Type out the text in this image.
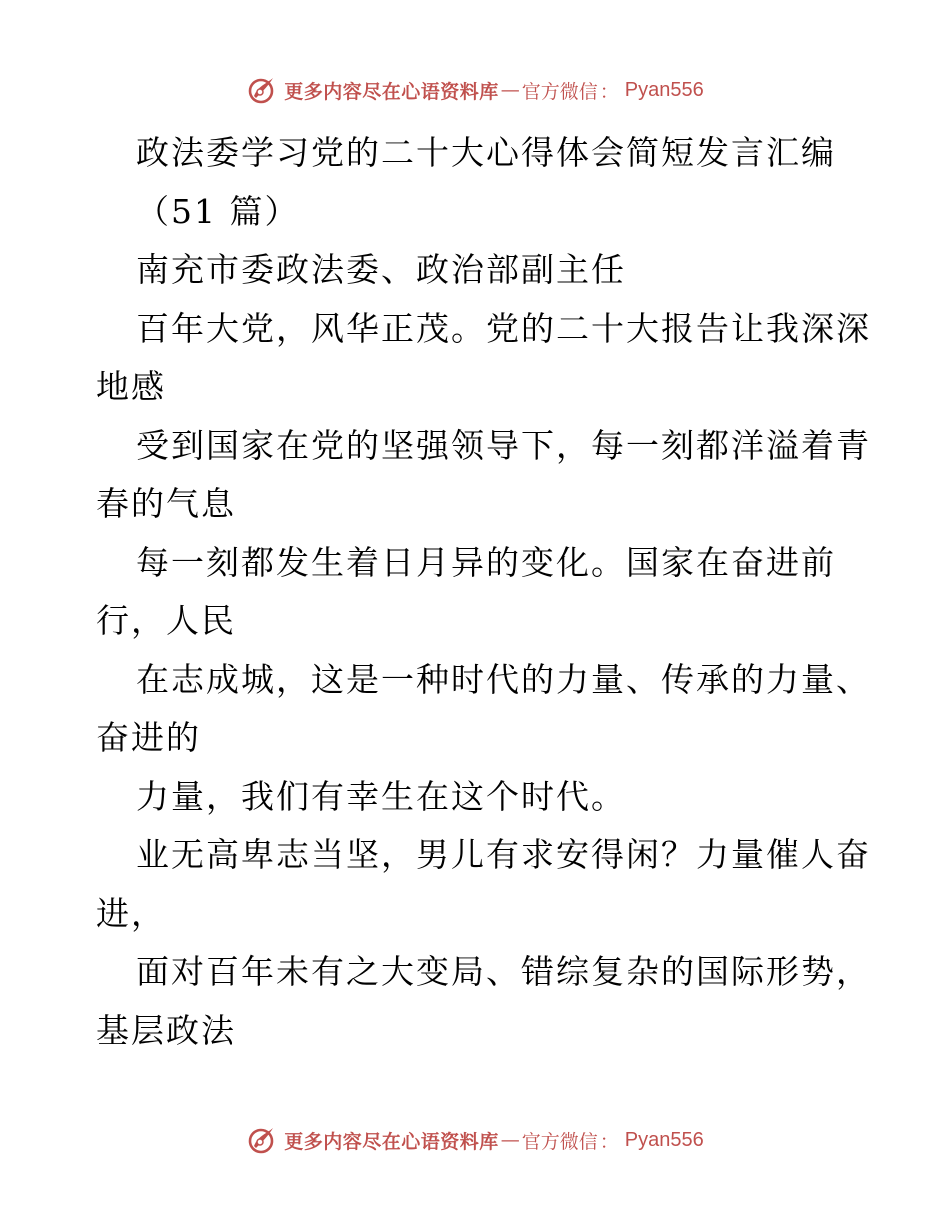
更多内容尽在心语资料库 — 官方微信 ： Pyan556
政法委学习党的二十大心得体会简短发言汇编
（51 篇）
南充市委政法委、政治部副主任
百年大党，风华正茂。党的二十大报告让我深深
地感
受到国家在党的坚强领导下，每一刻都洋溢着青
春的气息
每一刻都发生着日月异的变化。国家在奋进前
行，人民
在志成城，这是一种时代的力量、传承的力量、
奋进的
力量，我们有幸生在这个时代。
业无高卑志当坚，男儿有求安得闲？力量催人奋
进，
面对百年未有之大变局、错综复杂的国际形势，
基层政法
更多内容尽在心语资料库 — 官方微信 ： Pyan556
